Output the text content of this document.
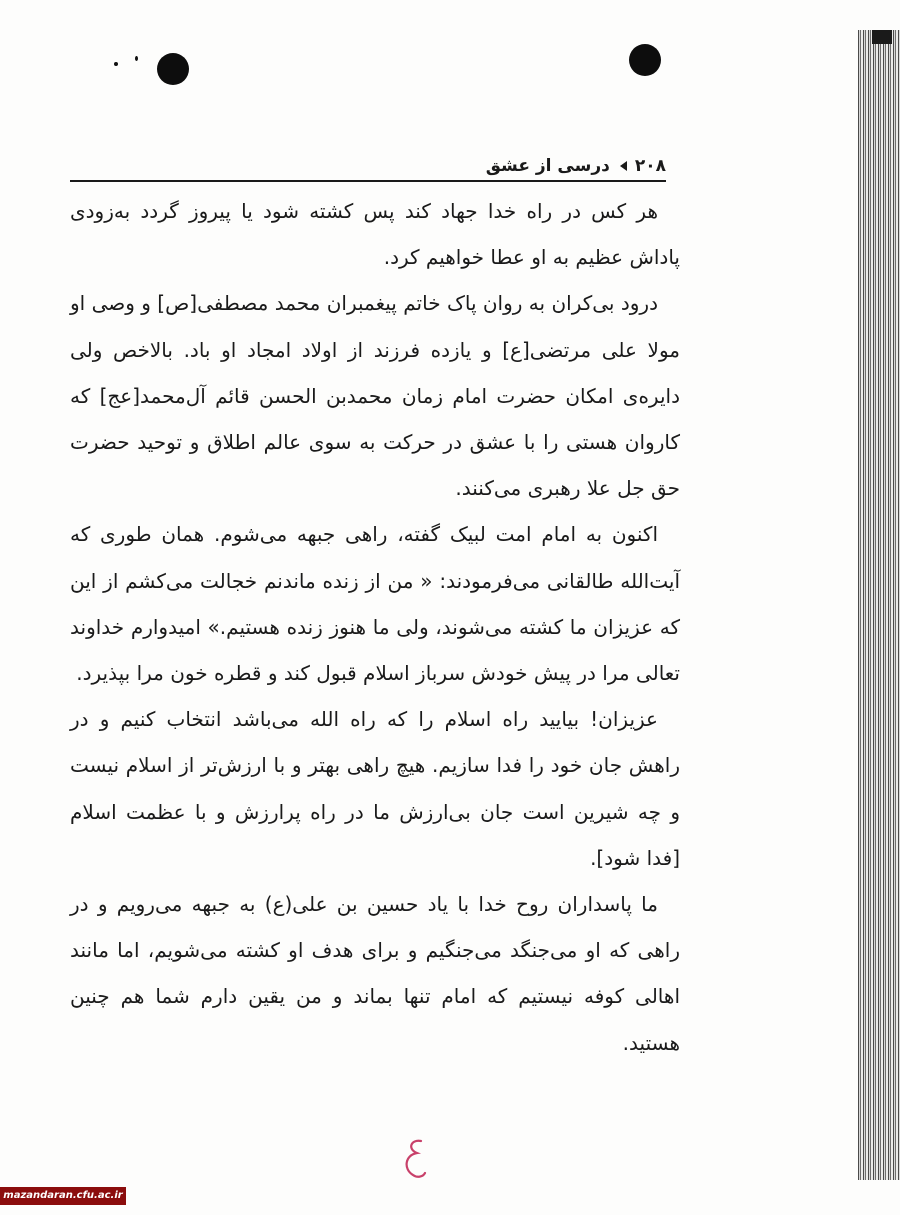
۲۰۸
درسی از عشق

هر کس در راه خدا جهاد کند پس کشته شود یا پیروز گردد به‌زودی پاداش عظیم به او عطا خواهیم کرد.

درود بی‌کران به روان پاک خاتم پیغمبران محمد مصطفی[ص] و وصی او مولا علی مرتضی[ع] و یازده فرزند از اولاد امجاد او باد. بالاخص ولی دایره‌ی امکان حضرت امام زمان محمدبن الحسن قائم آل‌محمد[عج] که کاروان هستی را با عشق در حرکت به سوی عالم اطلاق و توحید حضرت حق جل علا رهبری می‌کنند.

اکنون به امام امت لبیک گفته، راهی جبهه می‌شوم. همان طوری که آیت‌الله طالقانی می‌فرمودند: « من از زنده ماندنم خجالت می‌کشم از این که عزیزان ما کشته می‌شوند، ولی ما هنوز زنده هستیم.» امیدوارم خداوند تعالی مرا در پیش خودش سرباز اسلام قبول کند و قطره خون مرا بپذیرد.

عزیزان! بیایید راه اسلام را که راه الله می‌باشد انتخاب کنیم و در راهش جان خود را فدا سازیم. هیچ راهی بهتر و با ارزش‌تر از اسلام نیست و چه شیرین است جان بی‌ارزش ما در راه پرارزش و با عظمت اسلام [فدا شود].

ما پاسداران روح خدا با یاد حسین بن علی(ع) به جبهه می‌رویم و در راهی که او می‌جنگد می‌جنگیم و برای هدف او کشته می‌شویم، اما مانند اهالی کوفه نیستیم که امام تنها بماند و من یقین دارم شما هم چنین هستید.

mazandaran.cfu.ac.ir
